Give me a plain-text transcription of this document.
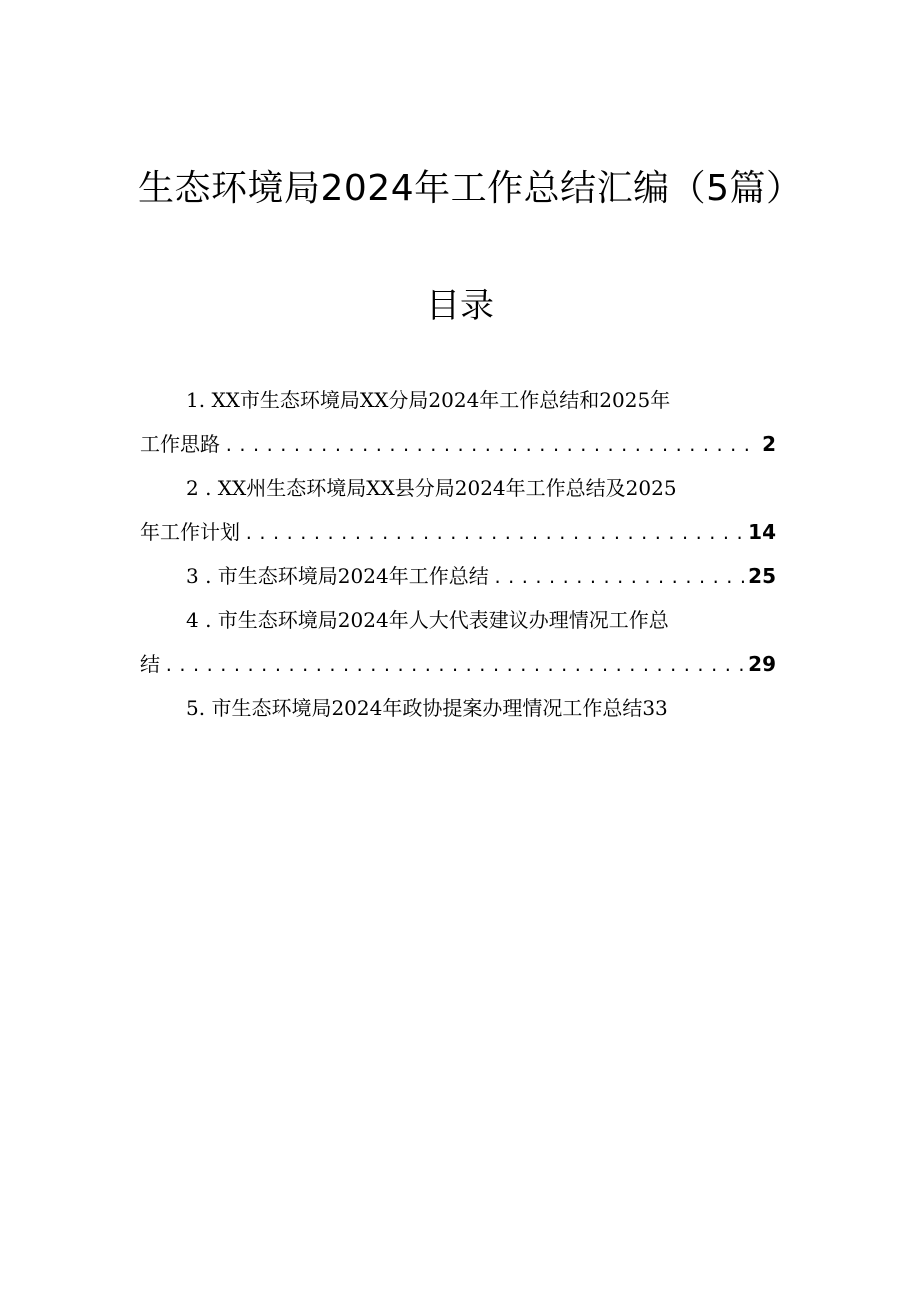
生态环境局2024年工作总结汇编（5篇）
目录
1. XX市生态环境局XX分局2024年工作总结和2025年
工作思路 .....	2
2 . XX州生态环境局XX县分局2024年工作总结及2025
年工作计划 .....	14
3 . 市生态环境局2024年工作总结 .....	25
4 . 市生态环境局2024年人大代表建议办理情况工作总
结 .....	29
5. 市生态环境局2024年政协提案办理情况工作总结33
